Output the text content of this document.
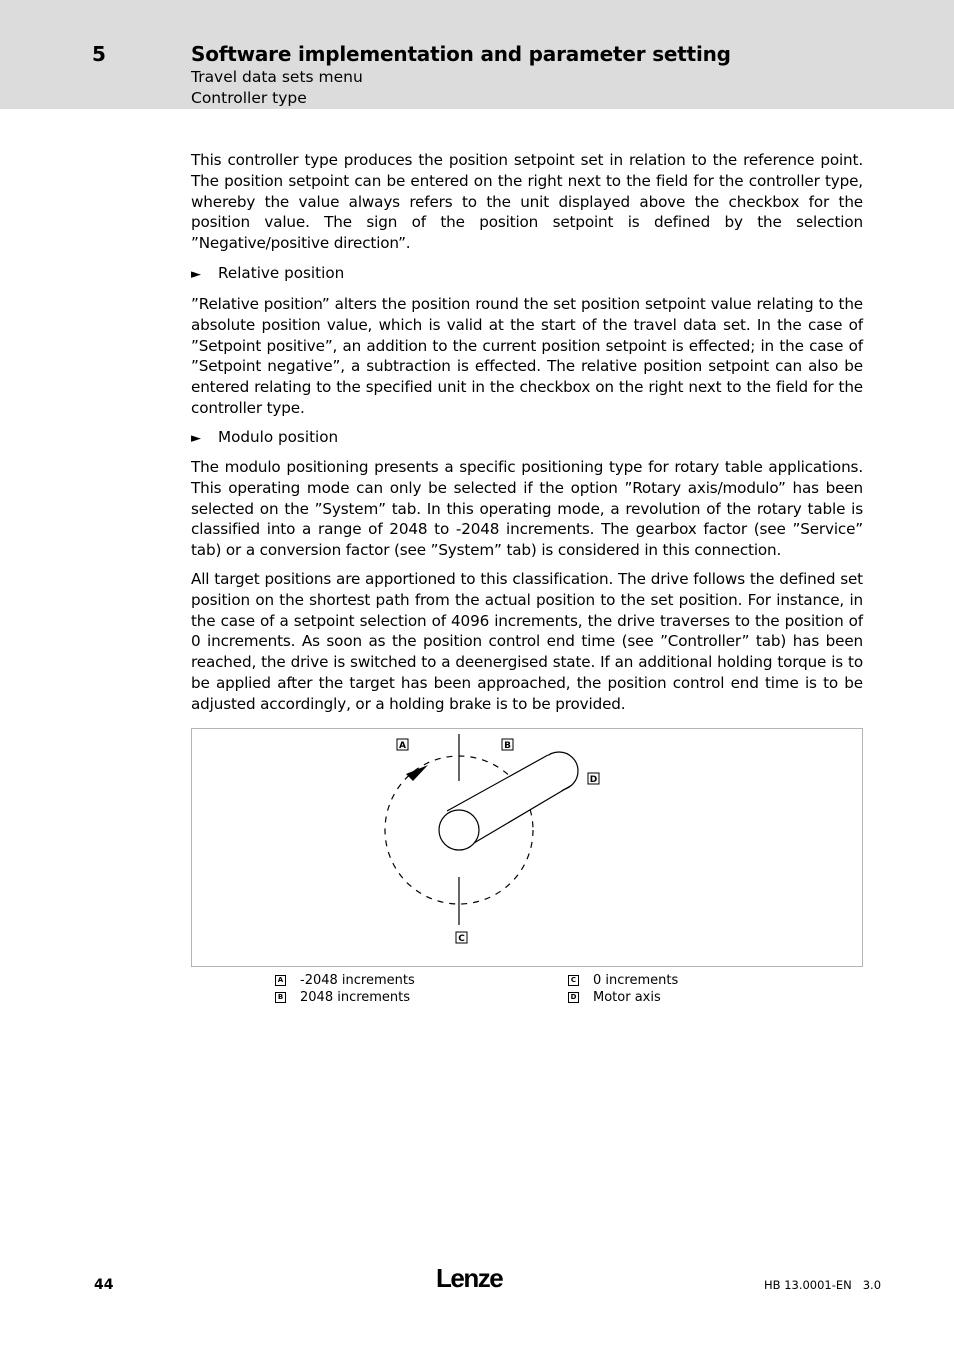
5	Software implementation and parameter setting
Travel data sets menu
Controller type
This controller type produces the position setpoint set in relation to the reference point. The position setpoint can be entered on the right next to the field for the controller type, whereby the value always refers to the unit displayed above the checkbox for the position value. The sign of the position setpoint is defined by the selection ”Negative/positive direction”.
► Relative position
”Relative position” alters the position round the set position setpoint value relating to the absolute position value, which is valid at the start of the travel data set. In the case of ”Setpoint positive”, an addition to the current position setpoint is effected; in the case of ”Setpoint negative”, a subtraction is effected. The relative position setpoint can also be entered relating to the specified unit in the checkbox on the right next to the field for the controller type.
► Modulo position
The modulo positioning presents a specific positioning type for rotary table applications. This operating mode can only be selected if the option ”Rotary axis/modulo” has been selected on the ”System” tab. In this operating mode, a revolution of the rotary table is classified into a range of 2048 to -2048 increments. The gearbox factor (see ”Service” tab) or a conversion factor (see ”System” tab) is considered in this connection.
All target positions are apportioned to this classification. The drive follows the defined set position on the shortest path from the actual position to the set position. For instance, in the case of a setpoint selection of 4096 increments, the drive traverses to the position of 0 increments. As soon as the position control end time (see ”Controller” tab) has been reached, the drive is switched to a deenergised state. If an additional holding torque is to be applied after the target has been approached, the position control end time is to be adjusted accordingly, or a holding brake is to be provided.
A	B
C
D
A -2048 increments
B 2048 increments
C 0 increments
D Motor axis
44	Lenze	HB 13.0001-EN   3.0
